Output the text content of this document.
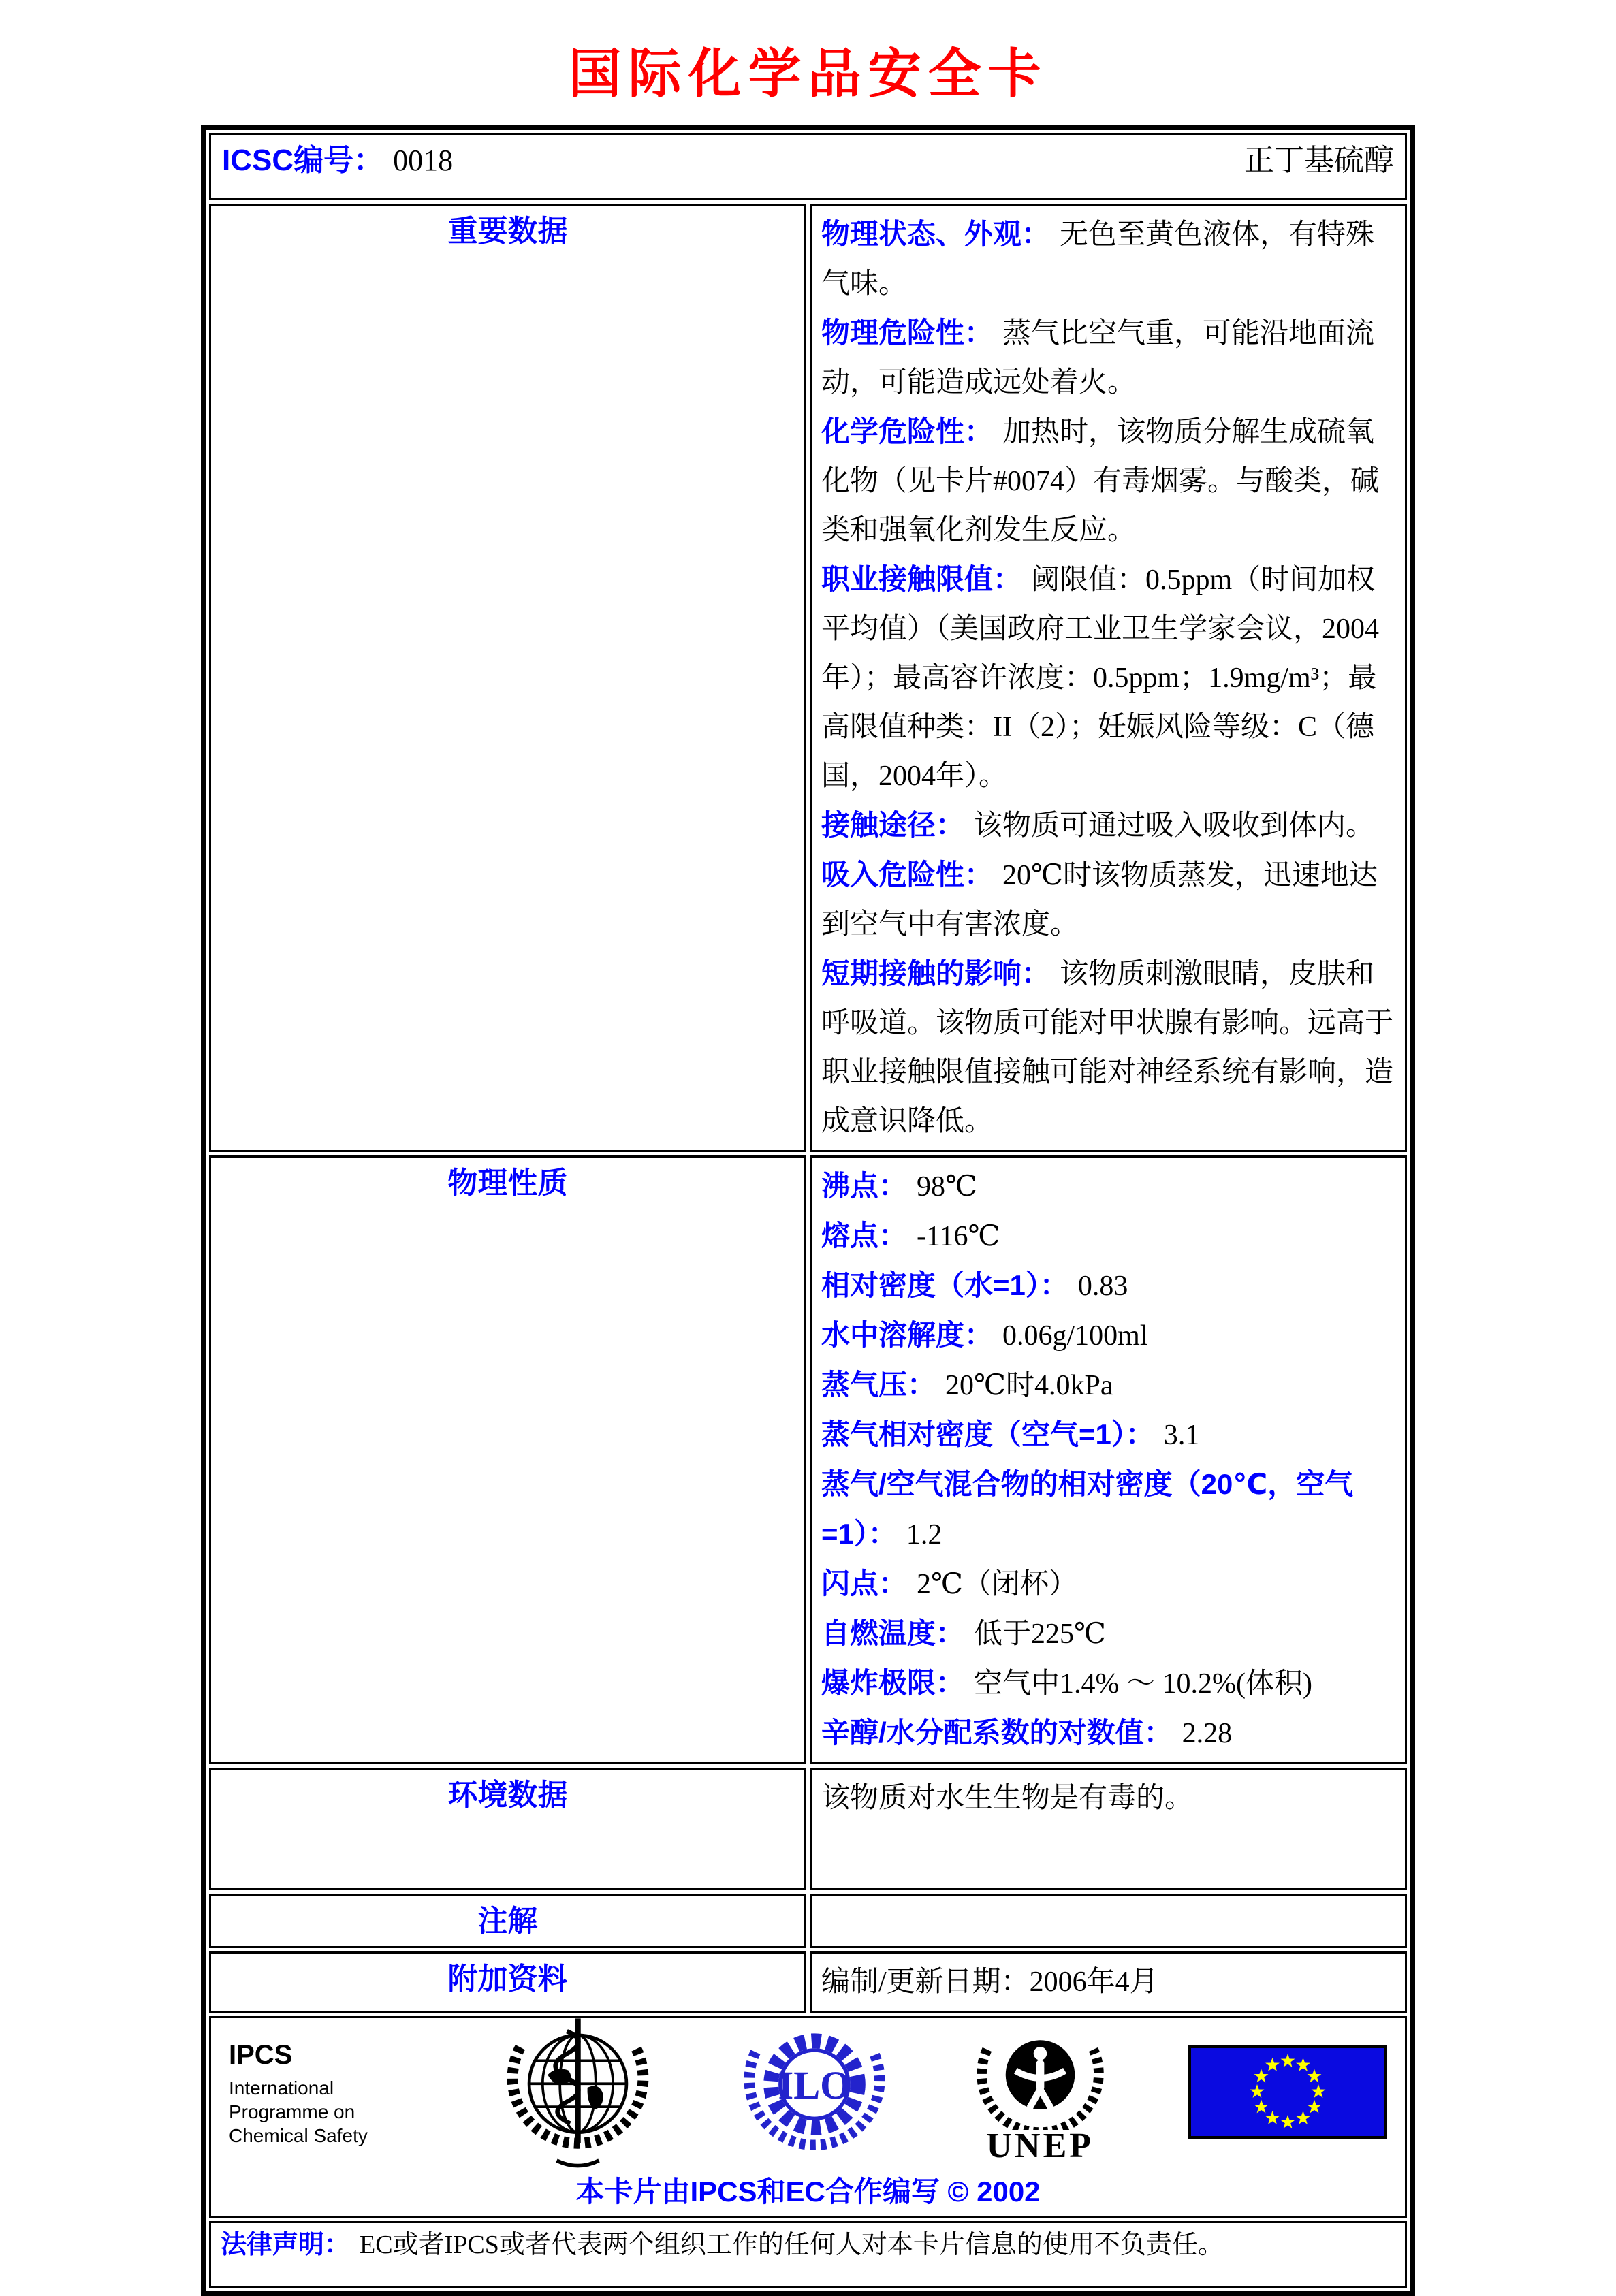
国际化学品安全卡
ICSC编号： 0018 正丁基硫醇	

重要数据	物理状态、外观： 无色至黄色液体，有特殊气味。

物理危险性： 蒸气比空气重，可能沿地面流动，可能造成远处着火。

化学危险性： 加热时，该物质分解生成硫氧化物（见卡片#0074）有毒烟雾。与酸类，碱类和强氧化剂发生反应。

职业接触限值： 阈限值：0.5ppm（时间加权平均值）（美国政府工业卫生学家会议，2004年）；最高容许浓度：0.5ppm；1.9mg/m³；最高限值种类：II（2）；妊娠风险等级：C（德国，2004年）。

接触途径： 该物质可通过吸入吸收到体内。

吸入危险性： 20℃时该物质蒸发，迅速地达到空气中有害浓度。

短期接触的影响： 该物质刺激眼睛，皮肤和呼吸道。该物质可能对甲状腺有影响。远高于职业接触限值接触可能对神经系统有影响，造成意识降低。

物理性质	沸点： 98℃

熔点： -116℃

相对密度（水=1）： 0.83

水中溶解度： 0.06g/100ml

蒸气压： 20℃时4.0kPa

蒸气相对密度（空气=1）： 3.1

蒸气/空气混合物的相对密度（20℃，空气=1）： 1.2

闪点： 2℃（闭杯）

自燃温度： 低于225℃

爆炸极限： 空气中1.4% ～ 10.2%(体积)

辛醇/水分配系数的对数值： 2.28

环境数据	该物质对水生生物是有毒的。

注解	

附加资料	编制/更新日期：2006年4月

IPCS
International
Programme on
Chemical Safety
ILO
UNEP
本卡片由IPCS和EC合作编写 © 2002

法律声明： EC或者IPCS或者代表两个组织工作的任何人对本卡片信息的使用不负责任。	
